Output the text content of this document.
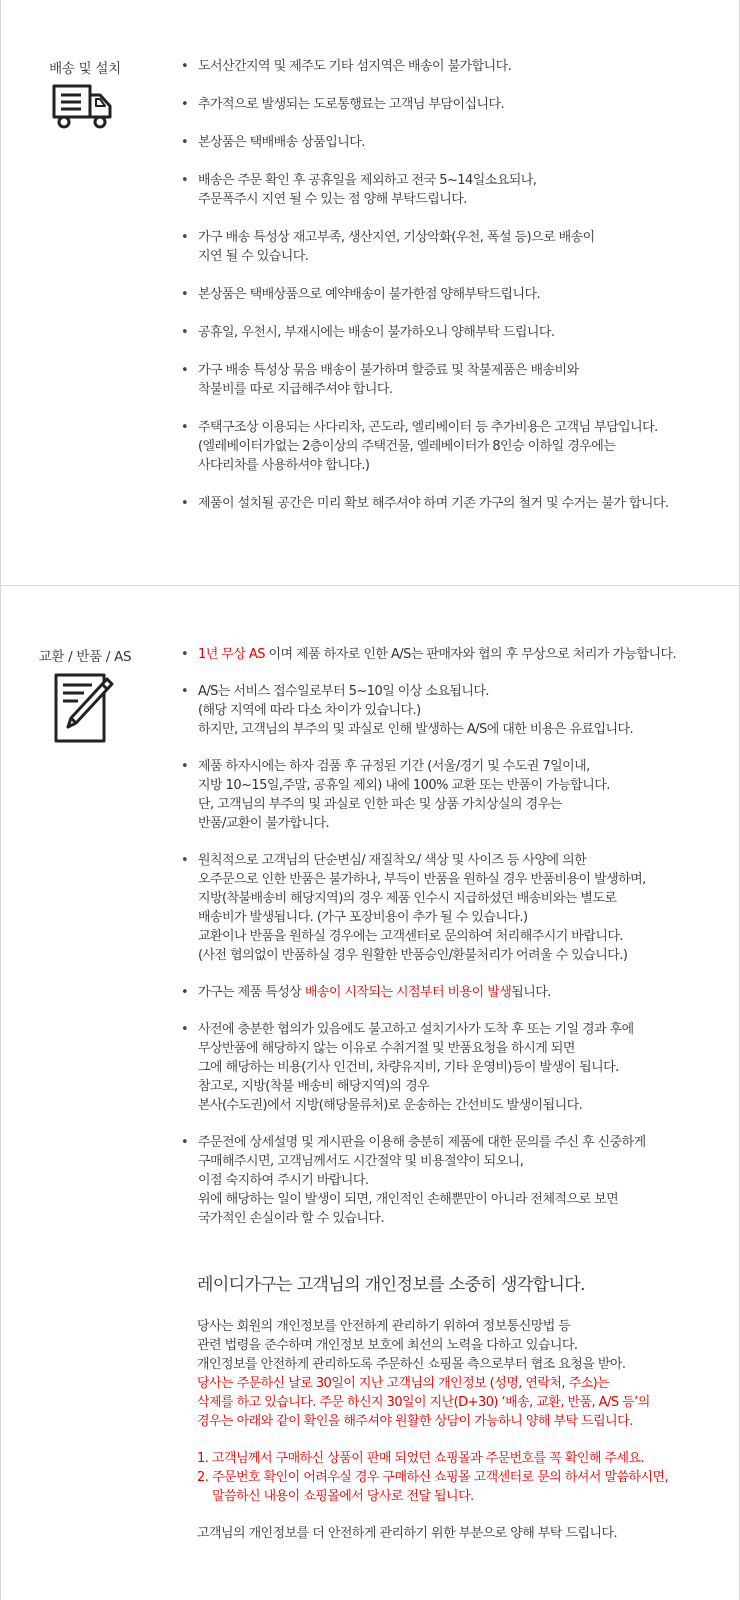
배송 및 설치	• 도서산간지역 및 제주도 기타 섬지역은 배송이 불가합니다.
• 추가적으로 발생되는 도로통행료는 고객님 부담이십니다.
• 본상품은 택배배송 상품입니다.
• 배송은 주문 확인 후 공휴일을 제외하고 전국 5~14일소요되나,
주문폭주시 지연 될 수 있는 점 양해 부탁드립니다.
• 가구 배송 특성상 재고부족, 생산지연, 기상악화(우천, 폭설 등)으로 배송이
지연 될 수 있습니다.
• 본상품은 택배상품으로 예약배송이 불가한점 양해부탁드립니다.
• 공휴일, 우천시, 부재시에는 배송이 불가하오니 양해부탁 드립니다.
• 가구 배송 특성상 묶음 배송이 불가하며 할증료 및 착불제품은 배송비와
착불비를 따로 지급해주셔야 합니다.
• 주택구조상 이용되는 사다리차, 곤도라, 엘리베이터 등 추가비용은 고객님 부담입니다.
(엘레베이터가없는 2층이상의 주택건물, 엘레베이터가 8인승 이하일 경우에는
사다리차를 사용하셔야 합니다.)
• 제품이 설치될 공간은 미리 확보 해주셔야 하며 기존 가구의 철거 및 수거는 불가 합니다.
교환 / 반품 / AS	• 1년 무상 AS 이며 제품 하자로 인한 A/S는 판매자와 협의 후 무상으로 처리가 가능합니다.
• A/S는 서비스 접수일로부터 5~10일 이상 소요됩니다.
(해당 지역에 따라 다소 차이가 있습니다.)
하지만, 고객님의 부주의 및 과실로 인해 발생하는 A/S에 대한 비용은 유료입니다.
• 제품 하자시에는 하자 검품 후 규정된 기간 (서울/경기 및 수도권 7일이내,
지방 10~15일,주말, 공휴일 제외) 내에 100% 교환 또는 반품이 가능합니다.
단, 고객님의 부주의 및 과실로 인한 파손 및 상품 가치상실의 경우는
반품/교환이 불가합니다.
• 원칙적으로 고객님의 단순변심/ 재질착오/ 색상 및 사이즈 등 사양에 의한
오주문으로 인한 반품은 불가하나, 부득이 반품을 원하실 경우 반품비용이 발생하며,
지방(착불배송비 해당지역)의 경우 제품 인수시 지급하셨던 배송비와는 별도로
배송비가 발생됩니다. (가구 포장비용이 추가 될 수 있습니다.)
교환이나 반품을 원하실 경우에는 고객센터로 문의하여 처리해주시기 바랍니다.
(사전 협의없이 반품하실 경우 원활한 반품승인/환불처리가 어려울 수 있습니다.)
• 가구는 제품 특성상 배송이 시작되는 시점부터 비용이 발생됩니다.
• 사전에 충분한 협의가 있음에도 불고하고 설치기사가 도착 후 또는 기일 경과 후에
무상반품에 해당하지 않는 이유로 수취거절 및 반품요청을 하시게 되면
그에 해당하는 비용(기사 인건비, 차량유지비, 기타 운영비)등이 발생이 됩니다.
참고로, 지방(착불 배송비 해당지역)의 경우
본사(수도권)에서 지방(해당물류처)로 운송하는 간선비도 발생이됩니다.
• 주문전에 상세설명 및 게시판을 이용해 충분히 제품에 대한 문의를 주신 후 신중하게
구매해주시면, 고객님께서도 시간절약 및 비용절약이 되오니,
이점 숙지하여 주시기 바랍니다.
위에 해당하는 일이 발생이 되면, 개인적인 손해뿐만이 아니라 전체적으로 보면
국가적인 손실이라 할 수 있습니다.
레이디가구는 고객님의 개인정보를 소중히 생각합니다.

당사는 회원의 개인정보를 안전하게 관리하기 위하여 정보통신망법 등

관련 법령을 준수하며 개인정보 보호에 최선의 노력을 다하고 있습니다.

개인정보를 안전하게 관리하도록 주문하신 쇼핑몰 측으로부터 협조 요청을 받아.

당사는 주문하신 날로 30일이 지난 고객님의 개인정보 (성명, 연락처, 주소)는

삭제를 하고 있습니다. 주문 하신지 30일이 지난(D+30) ‘배송, 교환, 반품, A/S 등’의

경우는 아래와 같이 확인을 해주셔야 원활한 상담이 가능하니 양해 부탁 드립니다.

1. 고객님께서 구매하신 상품이 판매 되었던 쇼핑몰과 주문번호를 꼭 확인해 주세요.
2. 주문번호 확인이 어려우실 경우 구매하신 쇼핑몰 고객센터로 문의 하셔서 말씀하시면,
말씀하신 내용이 쇼핑몰에서 당사로 전달 됩니다.

고객님의 개인정보를 더 안전하게 관리하기 위한 부분으로 양해 부탁 드립니다.
